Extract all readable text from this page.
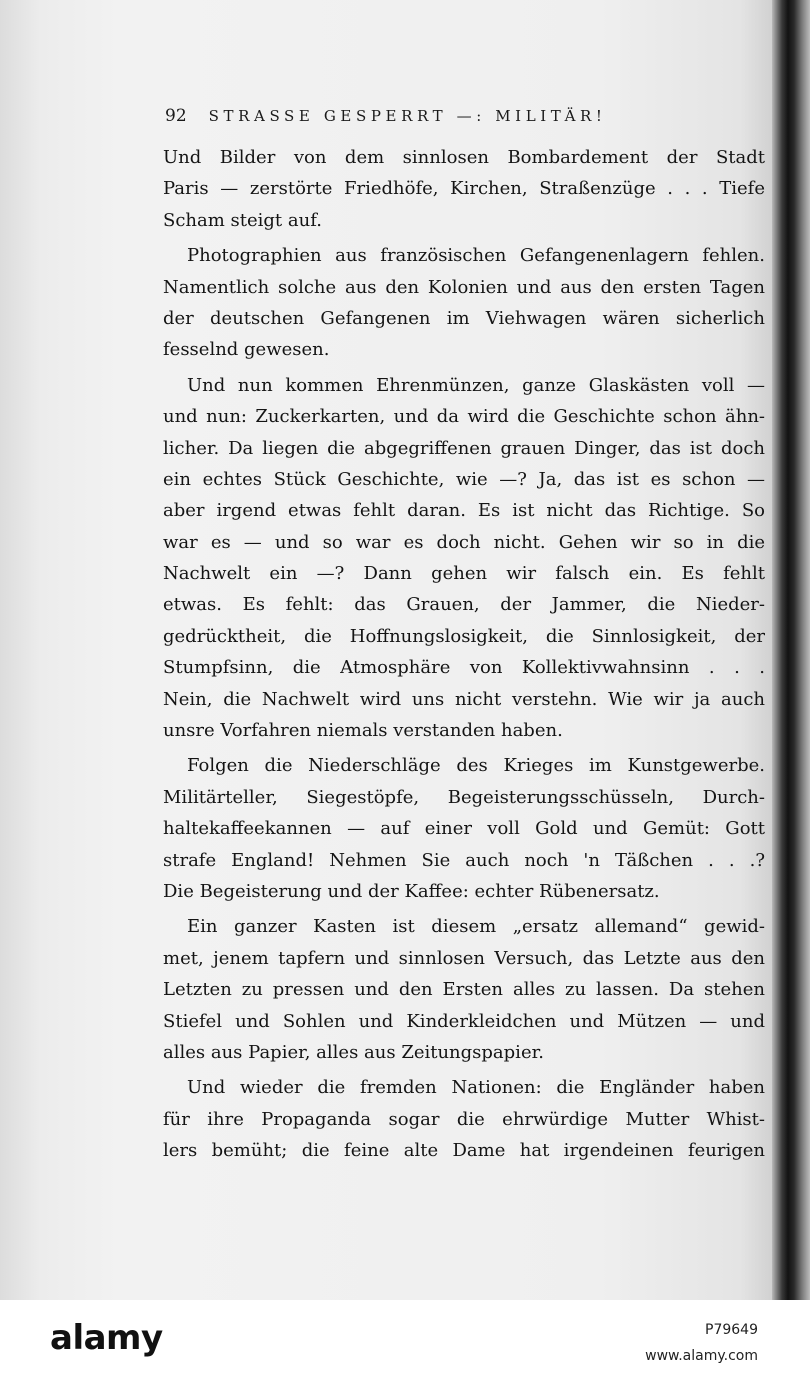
92 STRASSE GESPERRT —: MILITÄR!
Und Bilder von dem sinnlosen Bombardement der Stadt
Paris — zerstörte Friedhöfe, Kirchen, Straßenzüge . . . Tiefe
Scham steigt auf.
Photographien aus französischen Gefangenenlagern fehlen.
Namentlich solche aus den Kolonien und aus den ersten Tagen
der deutschen Gefangenen im Viehwagen wären sicherlich
fesselnd gewesen.
Und nun kommen Ehrenmünzen, ganze Glaskästen voll —
und nun: Zuckerkarten, und da wird die Geschichte schon ähn-
licher. Da liegen die abgegriffenen grauen Dinger, das ist doch
ein echtes Stück Geschichte, wie —? Ja, das ist es schon —
aber irgend etwas fehlt daran. Es ist nicht das Richtige. So
war es — und so war es doch nicht. Gehen wir so in die
Nachwelt ein —? Dann gehen wir falsch ein. Es fehlt
etwas. Es fehlt: das Grauen, der Jammer, die Nieder-
gedrücktheit, die Hoffnungslosigkeit, die Sinnlosigkeit, der
Stumpfsinn, die Atmosphäre von Kollektivwahnsinn . . .
Nein, die Nachwelt wird uns nicht verstehn. Wie wir ja auch
unsre Vorfahren niemals verstanden haben.
Folgen die Niederschläge des Krieges im Kunstgewerbe.
Militärteller, Siegestöpfe, Begeisterungsschüsseln, Durch-
haltekaffeekannen — auf einer voll Gold und Gemüt: Gott
strafe England! Nehmen Sie auch noch 'n Täßchen . . .?
Die Begeisterung und der Kaffee: echter Rübenersatz.
Ein ganzer Kasten ist diesem „ersatz allemand“ gewid-
met, jenem tapfern und sinnlosen Versuch, das Letzte aus den
Letzten zu pressen und den Ersten alles zu lassen. Da stehen
Stiefel und Sohlen und Kinderkleidchen und Mützen — und
alles aus Papier, alles aus Zeitungspapier.
Und wieder die fremden Nationen: die Engländer haben
für ihre Propaganda sogar die ehrwürdige Mutter Whist-
lers bemüht; die feine alte Dame hat irgendeinen feurigen
alamy	P79649
www.alamy.com
